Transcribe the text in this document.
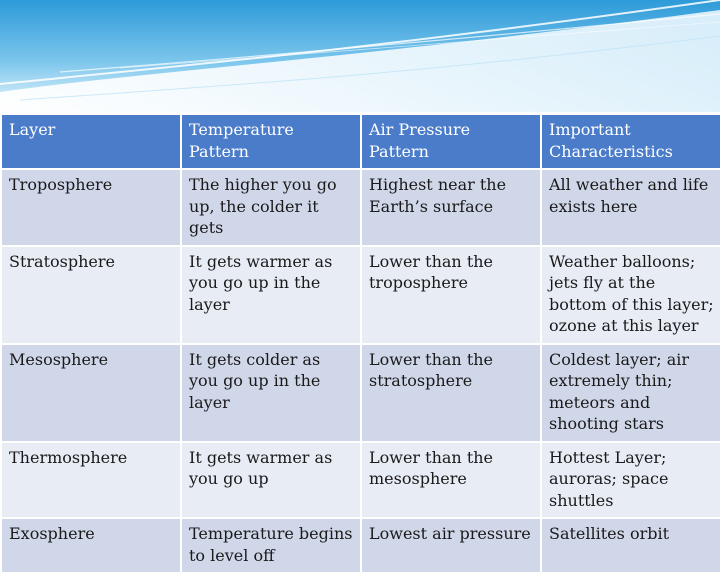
Layer	Temperature Pattern	Air Pressure Pattern	Important Characteristics
Troposphere	The higher you go up, the colder it gets	Highest near the Earth’s surface	All weather and life exists here
Stratosphere	It gets warmer as you go up in the layer	Lower than the troposphere	Weather balloons; jets fly at the bottom of this layer; ozone at this layer
Mesosphere	It gets colder as you go up in the layer	Lower than the stratosphere	Coldest layer; air extremely thin; meteors and shooting stars
Thermosphere	It gets warmer as you go up	Lower than the mesosphere	Hottest Layer; auroras; space shuttles
Exosphere	Temperature begins to level off	Lowest air pressure	Satellites orbit
